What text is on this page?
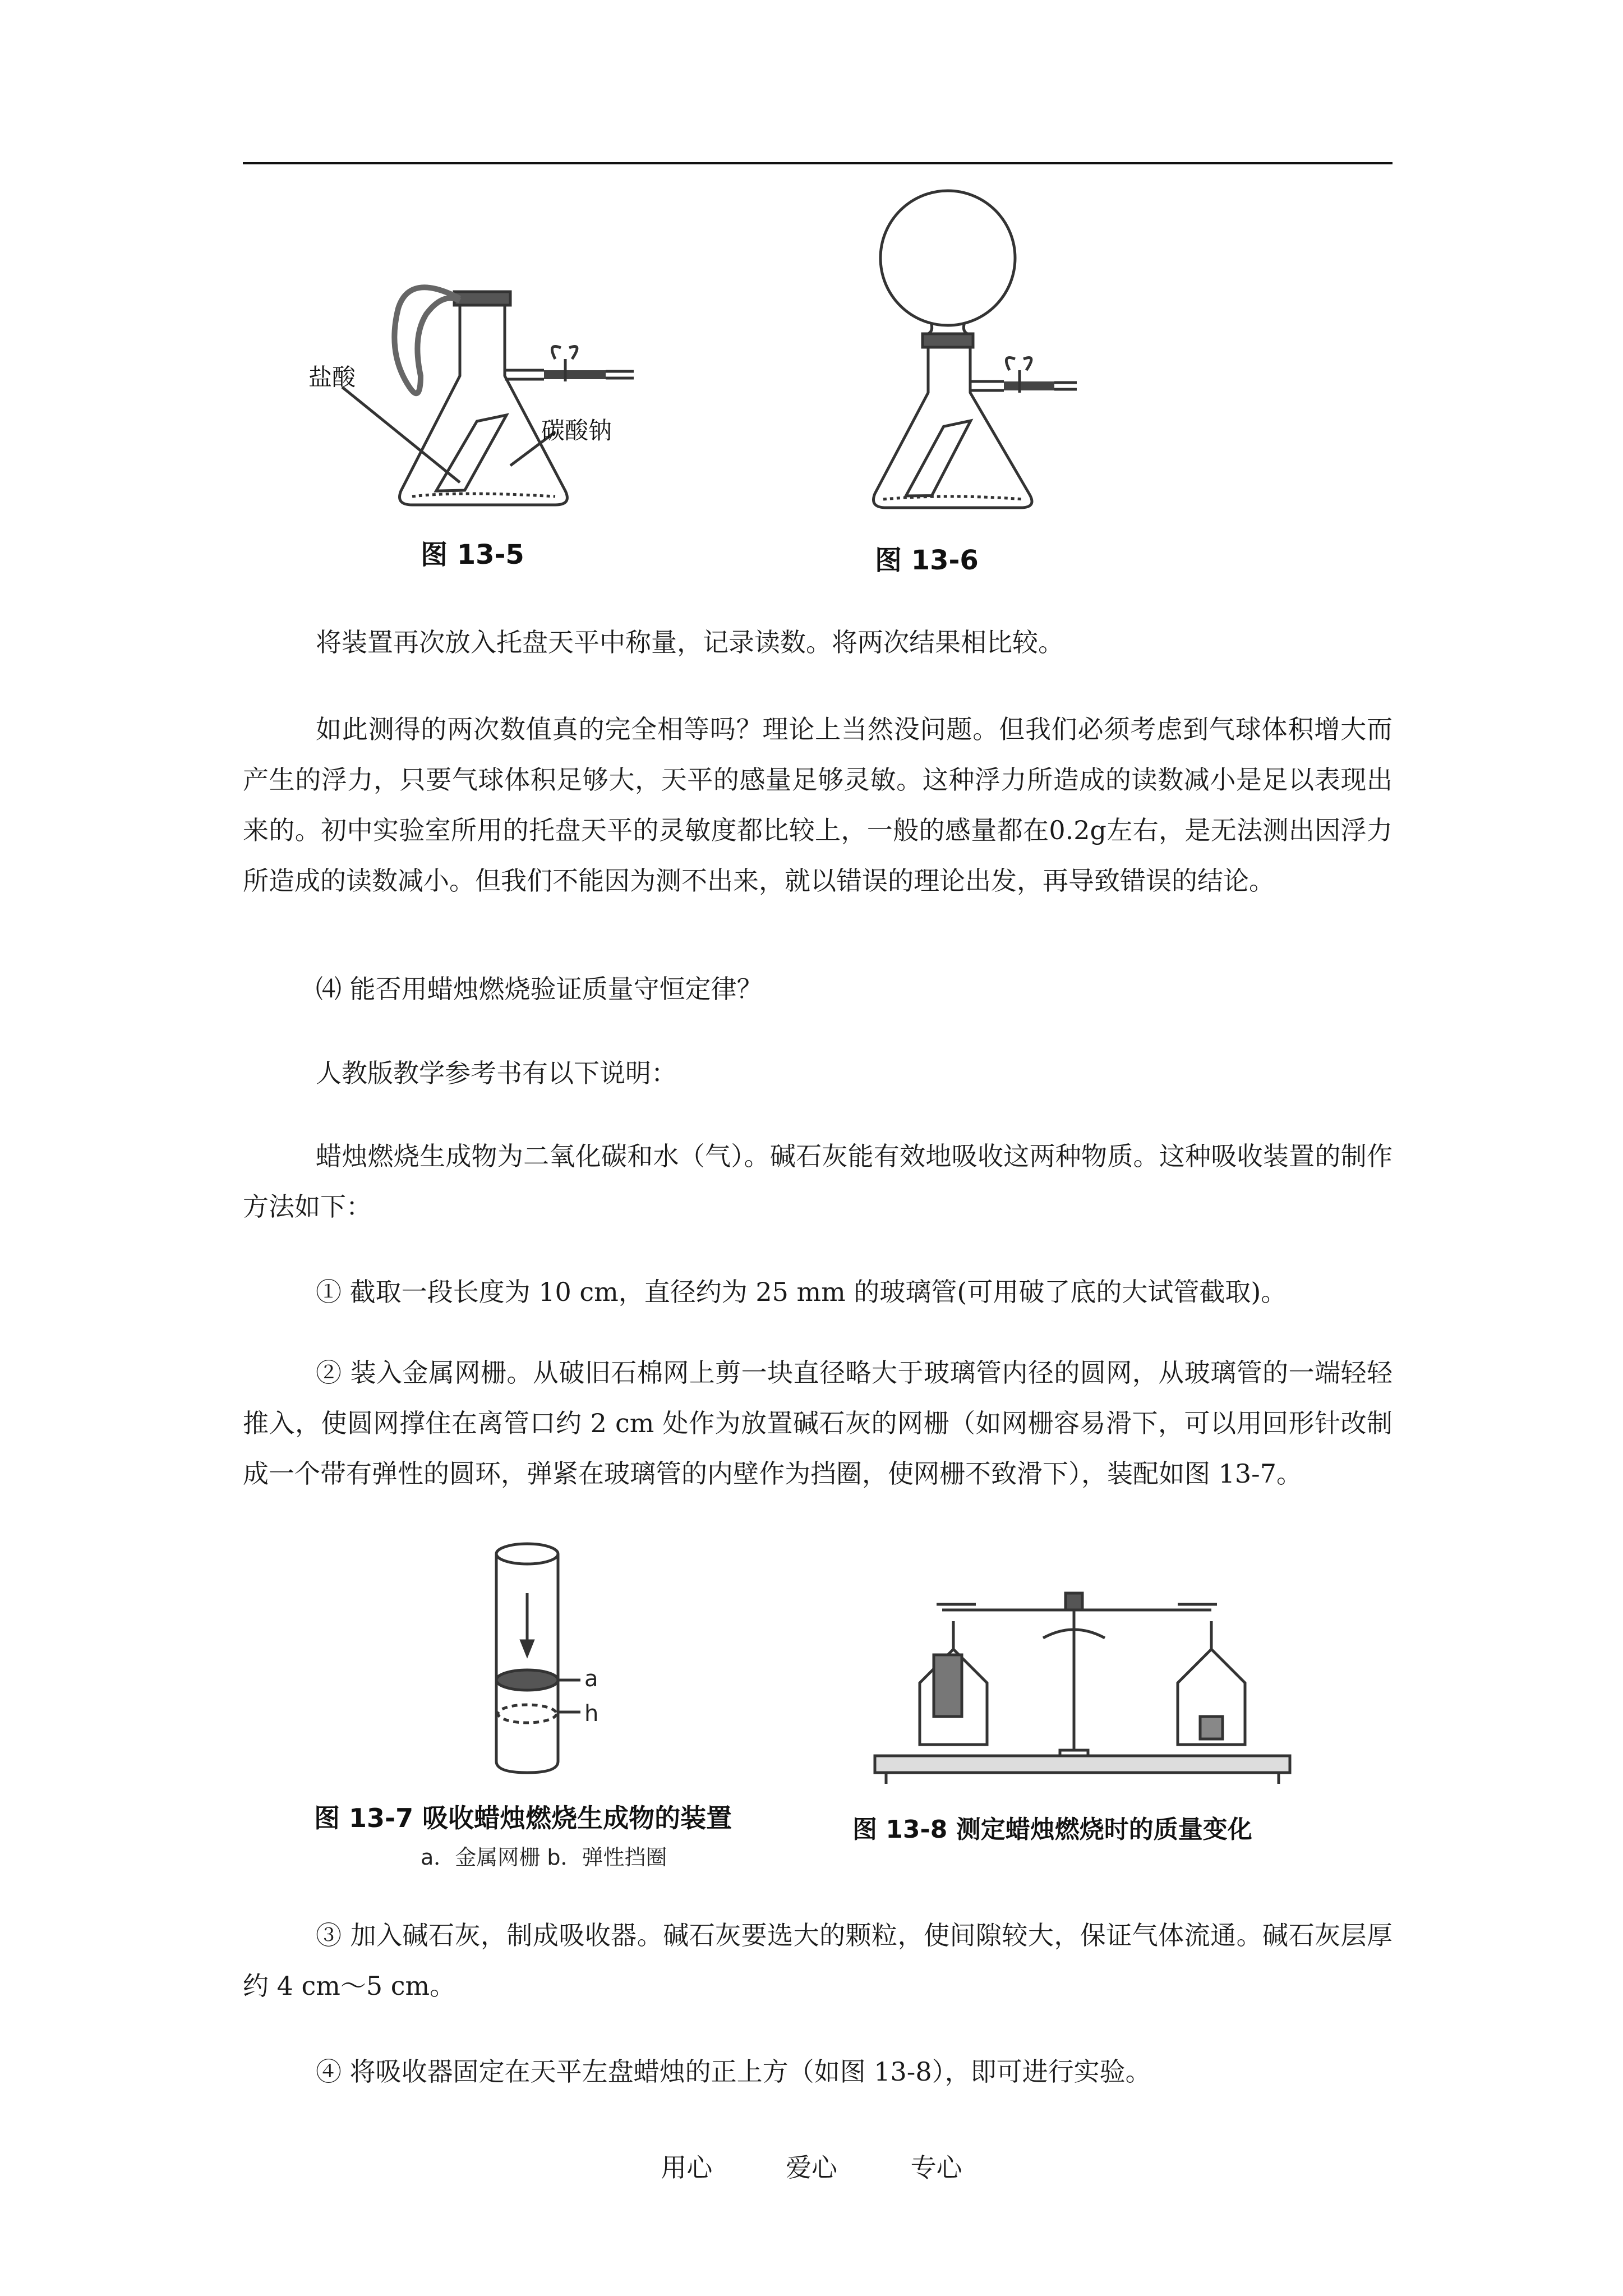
盐酸
碳酸钠
图 13-5	图 13-6

将装置再次放入托盘天平中称量，记录读数。将两次结果相比较。

如此测得的两次数值真的完全相等吗？理论上当然没问题。但我们必须考虑到气球体积增大而产生的浮力，只要气球体积足够大，天平的感量足够灵敏。这种浮力所造成的读数减小是足以表现出来的。初中实验室所用的托盘天平的灵敏度都比较上，一般的感量都在0.2g左右，是无法测出因浮力所造成的读数减小。但我们不能因为测不出来，就以错误的理论出发，再导致错误的结论。

⑷ 能否用蜡烛燃烧验证质量守恒定律？

人教版教学参考书有以下说明：

蜡烛燃烧生成物为二氧化碳和水（气）。碱石灰能有效地吸收这两种物质。这种吸收装置的制作方法如下：

① 截取一段长度为 10 cm，直径约为 25 mm 的玻璃管(可用破了底的大试管截取)。

② 装入金属网栅。从破旧石棉网上剪一块直径略大于玻璃管内径的圆网，从玻璃管的一端轻轻推入，使圆网撑住在离管口约 2 cm 处作为放置碱石灰的网栅（如网栅容易滑下，可以用回形针改制成一个带有弹性的圆环，弹紧在玻璃管的内壁作为挡圈，使网栅不致滑下），装配如图 13-7。

a
h
图 13-7 吸收蜡烛燃烧生成物的装置
a．金属网栅 b．弹性挡圈
图 13-8 测定蜡烛燃烧时的质量变化

③ 加入碱石灰，制成吸收器。碱石灰要选大的颗粒，使间隙较大，保证气体流通。碱石灰层厚约 4 cm～5 cm。

④ 将吸收器固定在天平左盘蜡烛的正上方（如图 13-8），即可进行实验。

用心	爱心	专心
